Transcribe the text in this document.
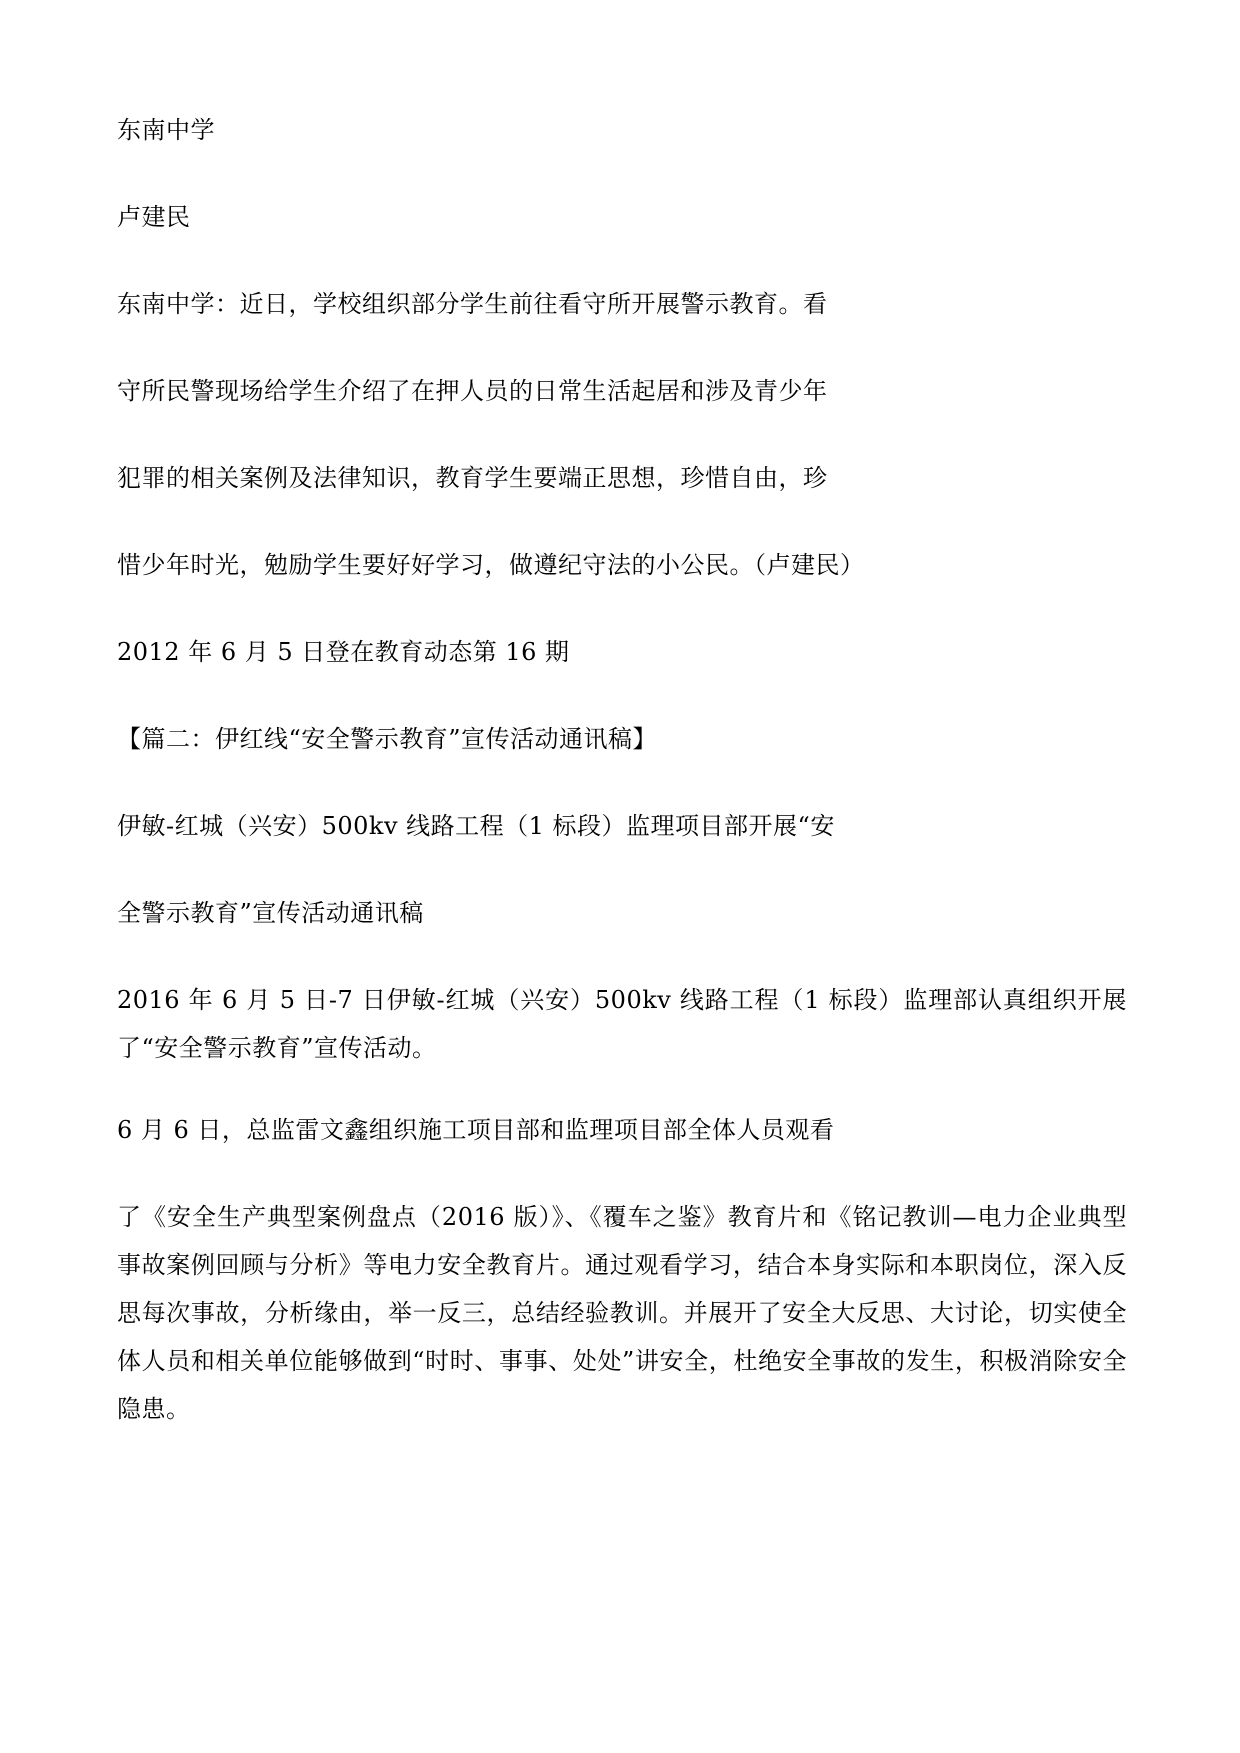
东南中学
卢建民
东南中学：近日，学校组织部分学生前往看守所开展警示教育。看
守所民警现场给学生介绍了在押人员的日常生活起居和涉及青少年
犯罪的相关案例及法律知识，教育学生要端正思想，珍惜自由，珍
惜少年时光，勉励学生要好好学习，做遵纪守法的小公民。（卢建民）
2012 年 6 月 5 日登在教育动态第 16 期
【篇二：伊红线“安全警示教育”宣传活动通讯稿】
伊敏-红城（兴安）500kv 线路工程（1 标段）监理项目部开展“安
全警示教育”宣传活动通讯稿
2016 年 6 月 5 日-7 日伊敏-红城（兴安）500kv 线路工程（1 标段）监理部认真组织开展了“安全警示教育”宣传活动。
6 月 6 日，总监雷文鑫组织施工项目部和监理项目部全体人员观看
了《安全生产典型案例盘点（2016 版）》、《覆车之鉴》教育片和《铭记教训—电力企业典型事故案例回顾与分析》等电力安全教育片。通过观看学习，结合本身实际和本职岗位，深入反思每次事故，分析缘由，举一反三，总结经验教训。并展开了安全大反思、大讨论，切实使全体人员和相关单位能够做到“时时、事事、处处”讲安全，杜绝安全事故的发生，积极消除安全隐患。
